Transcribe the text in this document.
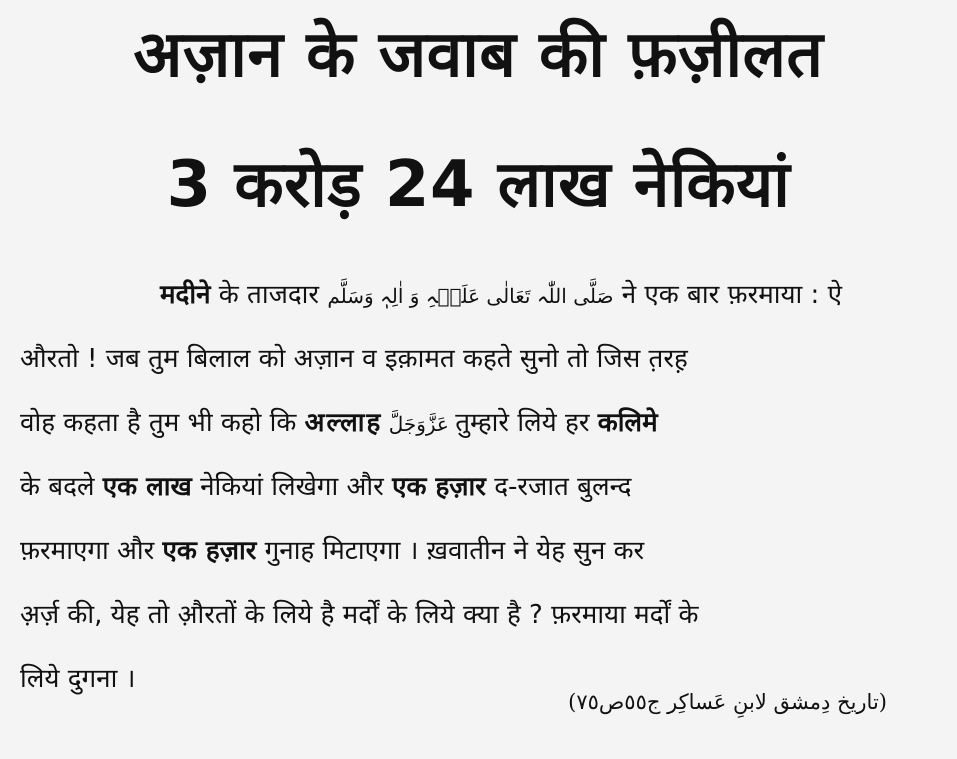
अज़ान के जवाब की फ़ज़ीलत
3 करोड़ 24 लाख नेकियां
मदीने के ताजदार صَلَّى اللّٰہ تَعَالٰی عَلَیۡہِ وَ اٰلِہٖ وَسَلَّم ने एक बार फ़रमाया : ऐ
औरतो ! जब तुम बिलाल को अज़ान व इक़ामत कहते सुनो तो जिस त़रह़
वोह कहता है तुम भी कहो कि अल्लाह عَزَّوَجَلَّ तुम्हारे लिये हर कलिमे
के बदले एक लाख नेकियां लिखेगा और एक हज़ार द-रजात बुलन्द
फ़रमाएगा और एक हज़ार गुनाह मिटाएगा । ख़वातीन ने येह सुन कर
अ़र्ज़ की, येह तो औ़रतों के लिये है मर्दों के लिये क्या है ? फ़रमाया मर्दों के
लिये दुगना ।
(تاریخ دِمشق لابنِ عَساکِر ج٥٥ص٧٥)
